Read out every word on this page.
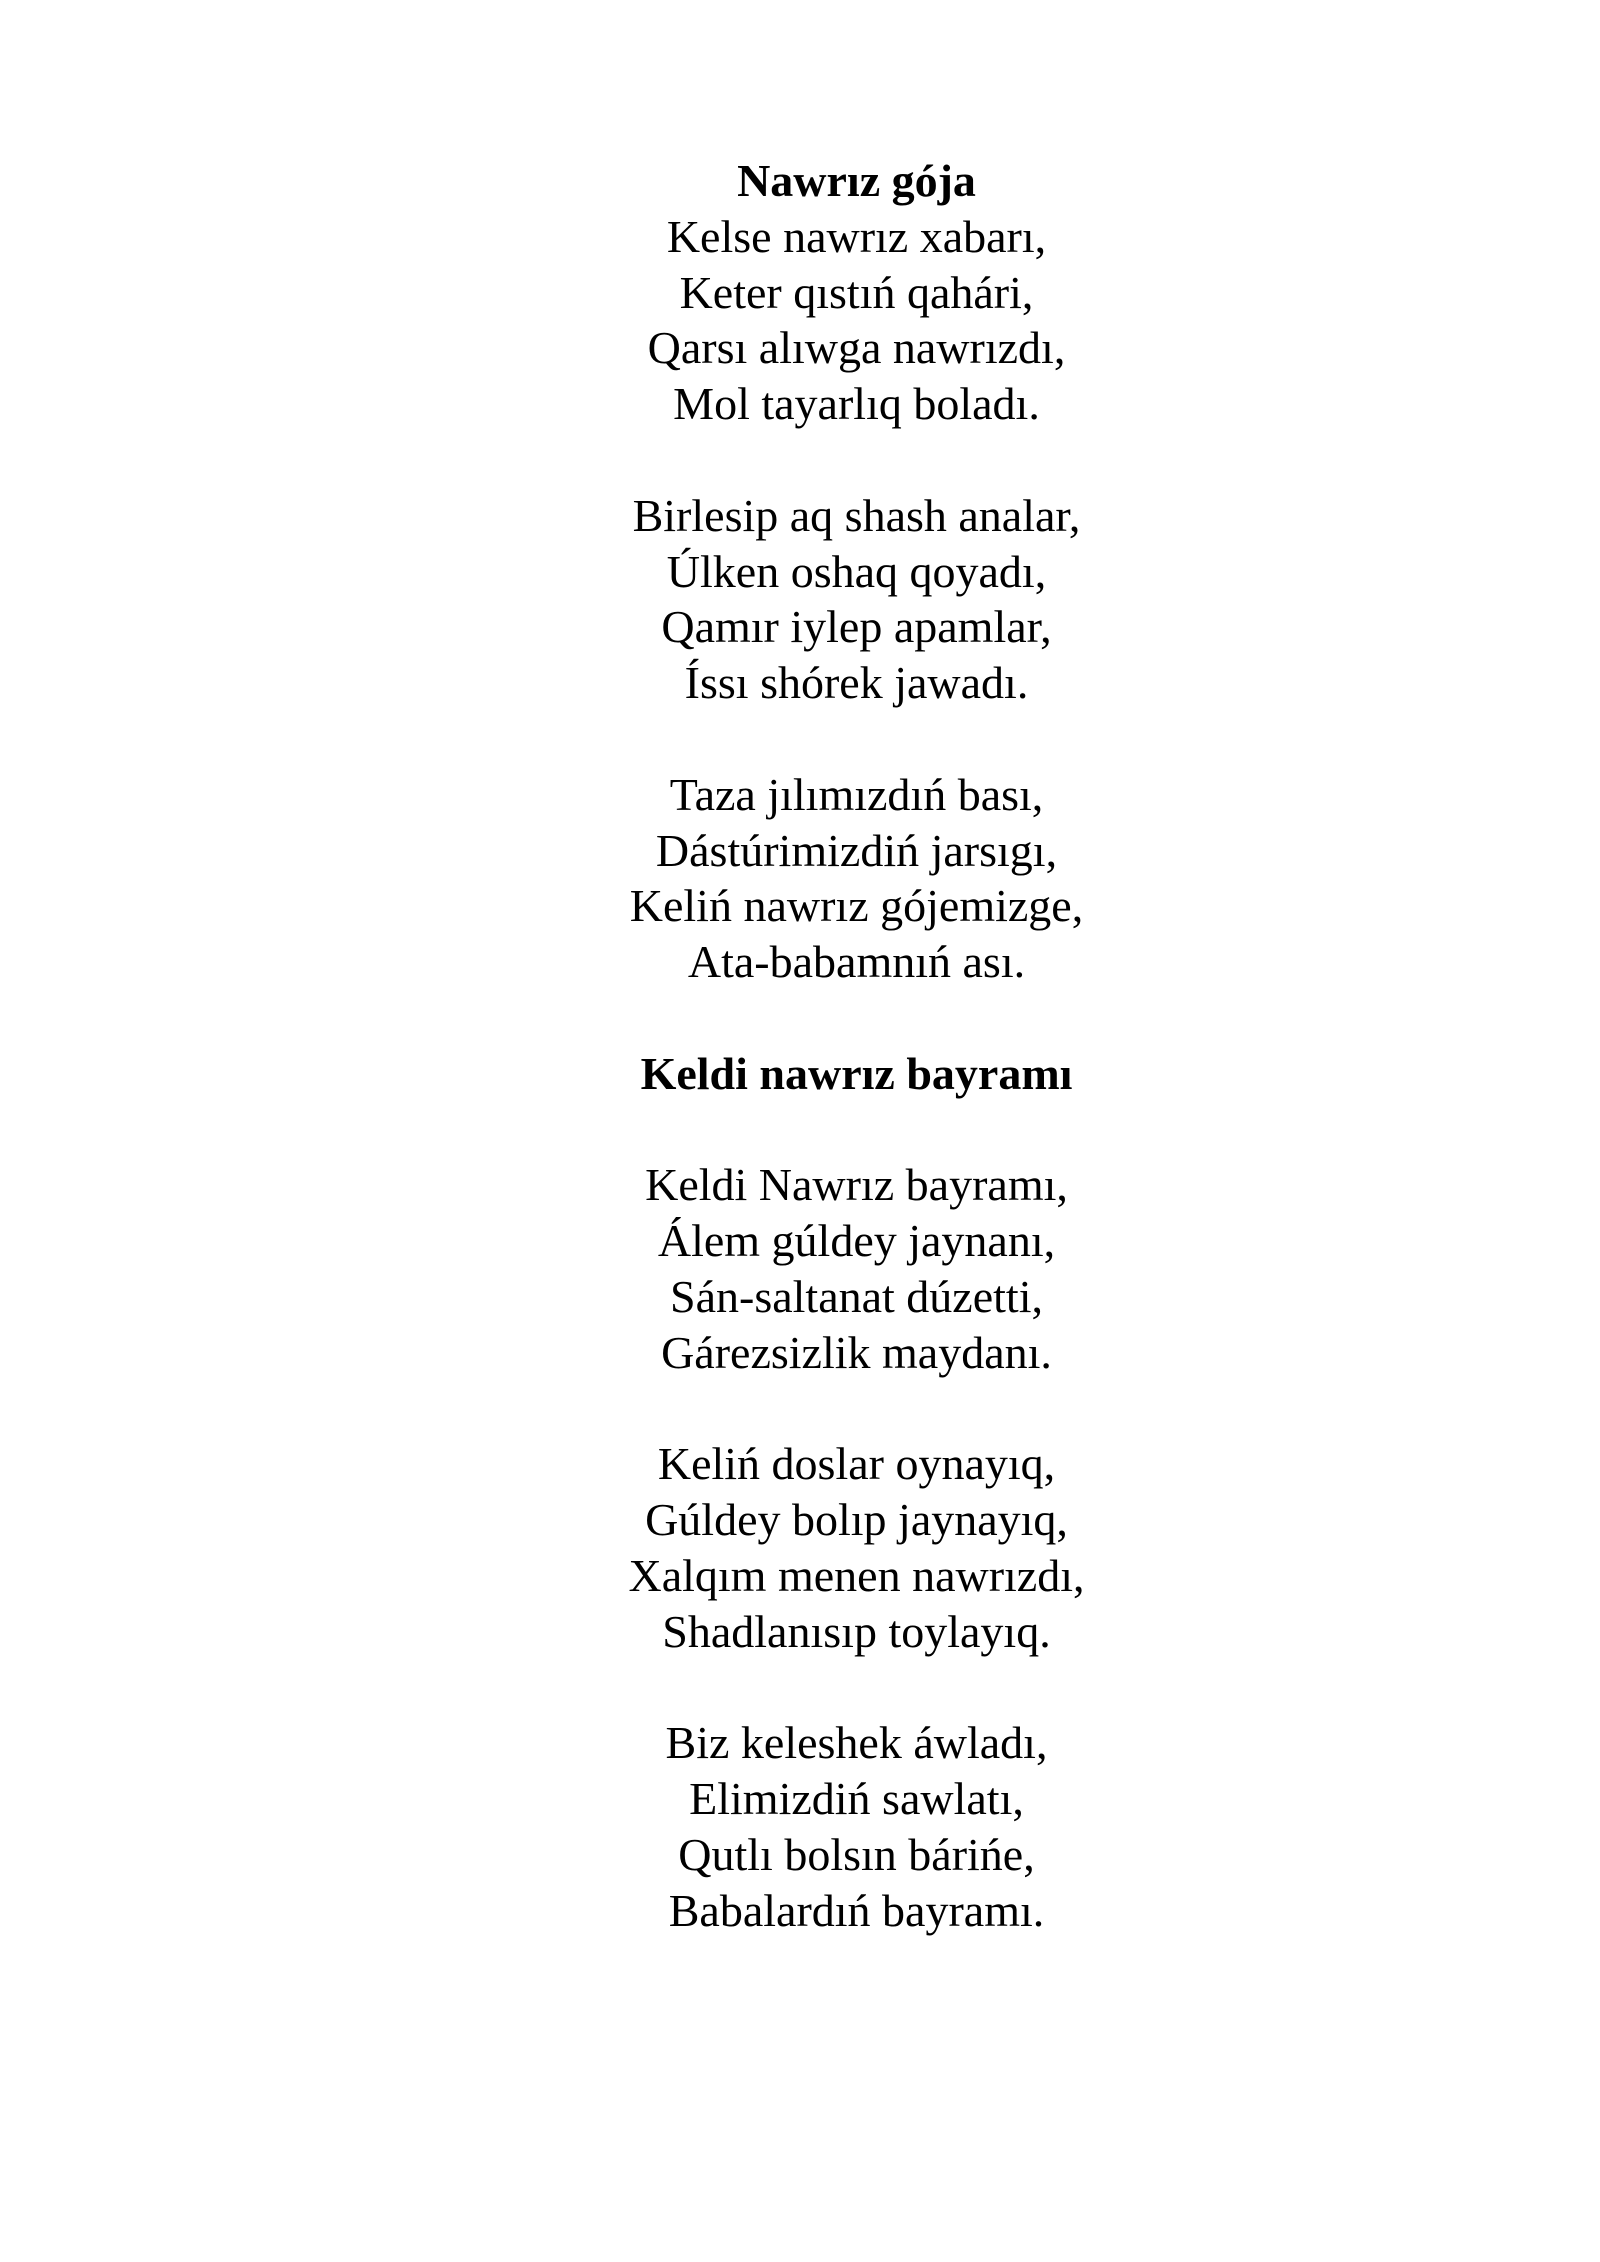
Nawrız gója
Kelse nawrız xabarı,
Keter qıstıń qahári,
Qarsı alıwga nawrızdı,
Mol tayarlıq boladı.
Birlesip aq shash analar,
Úlken oshaq qoyadı,
Qamır iylep apamlar,
Íssı shórek jawadı.
Taza jılımızdıń bası,
Dástúrimizdiń jarsıgı,
Keliń nawrız gójemizge,
Ata-babamnıń ası.
Keldi nawrız bayramı
Keldi Nawrız bayramı,
Álem gúldey jaynanı,
Sán-saltanat dúzetti,
Gárezsizlik maydanı.
Keliń doslar oynayıq,
Gúldey bolıp jaynayıq,
Xalqım menen nawrızdı,
Shadlanısıp toylayıq.
Biz keleshek áwladı,
Elimizdiń sawlatı,
Qutlı bolsın bárińe,
Babalardıń bayramı.
